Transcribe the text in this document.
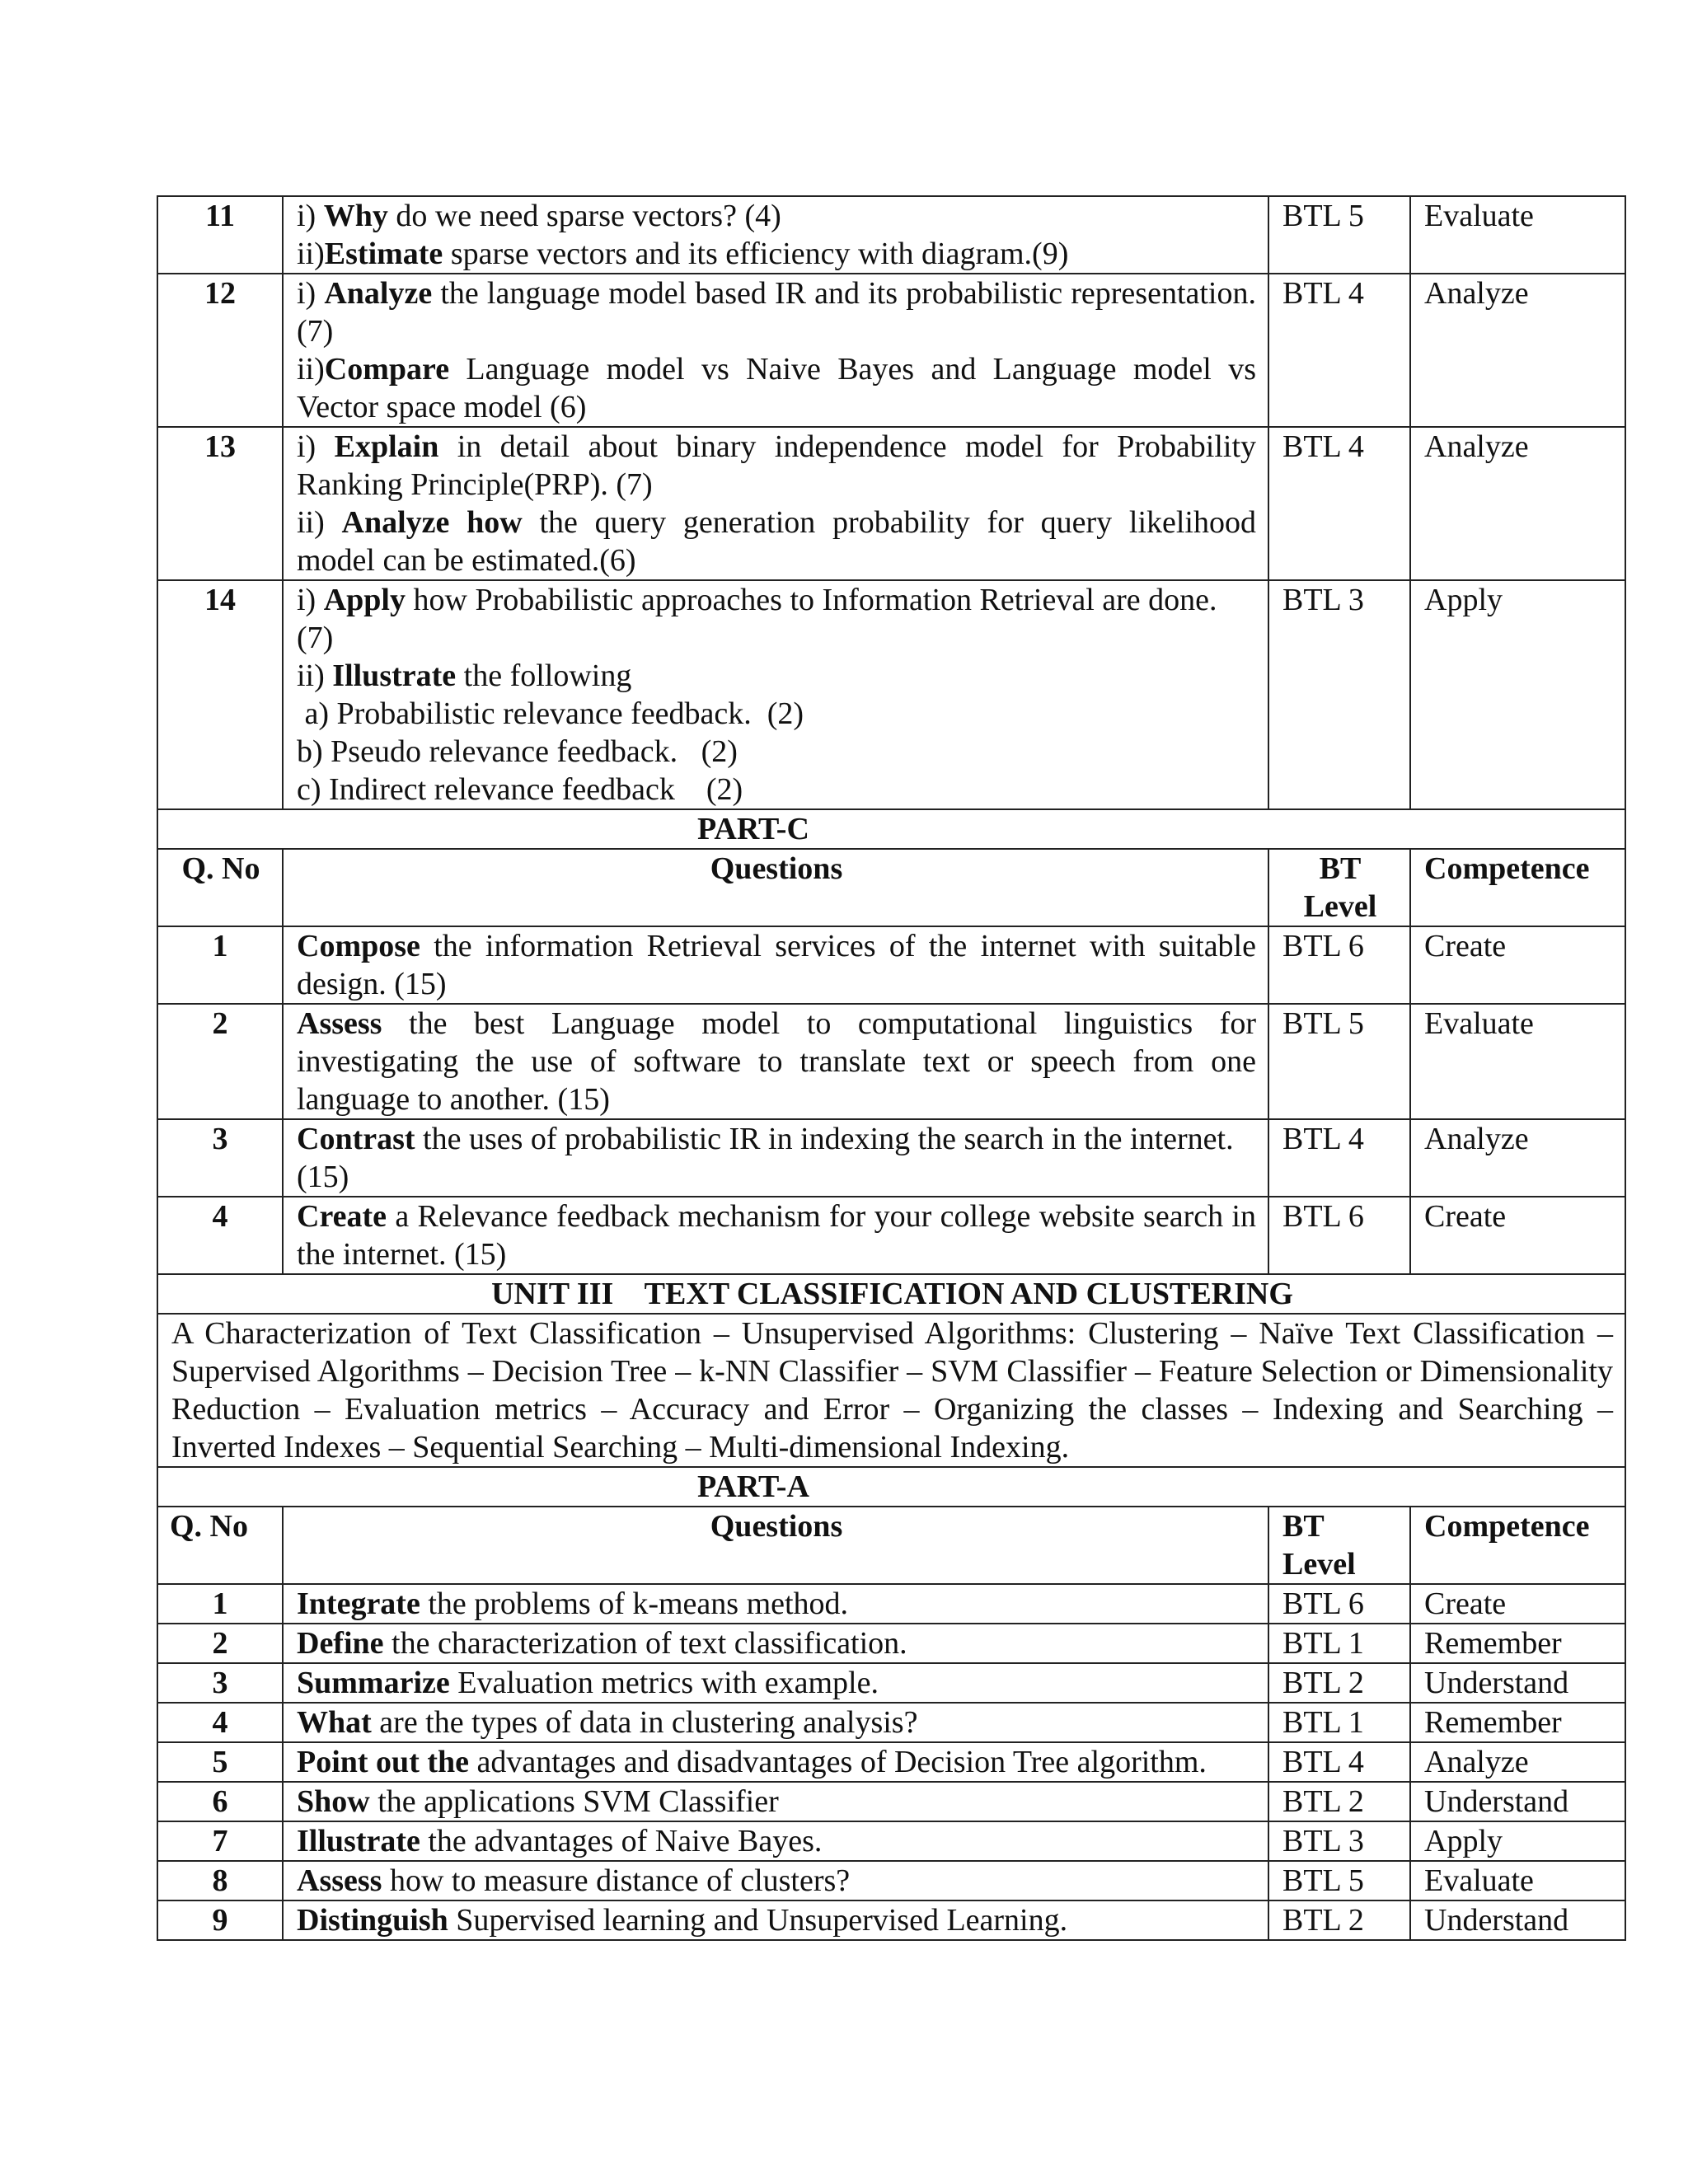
11	i) Why do we need sparse vectors? (4)
ii)Estimate sparse vectors and its efficiency with diagram.(9)	BTL 5	Evaluate
12	i) Analyze the language model based IR and its probabilistic representation. (7)
ii)Compare Language model vs Naive Bayes and Language model vs Vector space model (6)	BTL 4	Analyze
13	i) Explain in detail about binary independence model for Probability Ranking Principle(PRP). (7)
ii) Analyze how the query generation probability for query likelihood model can be estimated.(6)	BTL 4	Analyze
14	i) Apply how Probabilistic approaches to Information Retrieval are done. (7)
ii) Illustrate the following
a) Probabilistic relevance feedback.  (2)
b) Pseudo relevance feedback.   (2)
c) Indirect relevance feedback    (2)	BTL 3	Apply
PART-C			
Q. No	Questions	BT Level	Competence
1	Compose the information Retrieval services of the internet with suitable design. (15)	BTL 6	Create
2	Assess the best Language model to computational linguistics for investigating the use of software to translate text or speech from one language to another. (15)	BTL 5	Evaluate
3	Contrast the uses of probabilistic IR in indexing the search in the internet. (15)	BTL 4	Analyze
4	Create a Relevance feedback mechanism for your college website search in the internet. (15)	BTL 6	Create
UNIT III    TEXT CLASSIFICATION AND CLUSTERING			
A Characterization of Text Classification – Unsupervised Algorithms: Clustering – Naïve Text Classification – Supervised Algorithms – Decision Tree – k-NN Classifier – SVM Classifier – Feature Selection or Dimensionality Reduction – Evaluation metrics – Accuracy and Error – Organizing the classes – Indexing and Searching – Inverted Indexes – Sequential Searching – Multi-dimensional Indexing.			
PART-A			
Q. No	Questions	BT Level	Competence
1	Integrate the problems of k-means method.	BTL 6	Create
2	Define the characterization of text classification.	BTL 1	Remember
3	Summarize Evaluation metrics with example.	BTL 2	Understand
4	What are the types of data in clustering analysis?	BTL 1	Remember
5	Point out the advantages and disadvantages of Decision Tree algorithm.	BTL 4	Analyze
6	Show the applications SVM Classifier	BTL 2	Understand
7	Illustrate the advantages of Naive Bayes.	BTL 3	Apply
8	Assess how to measure distance of clusters?	BTL 5	Evaluate
9	Distinguish Supervised learning and Unsupervised Learning.	BTL 2	Understand
